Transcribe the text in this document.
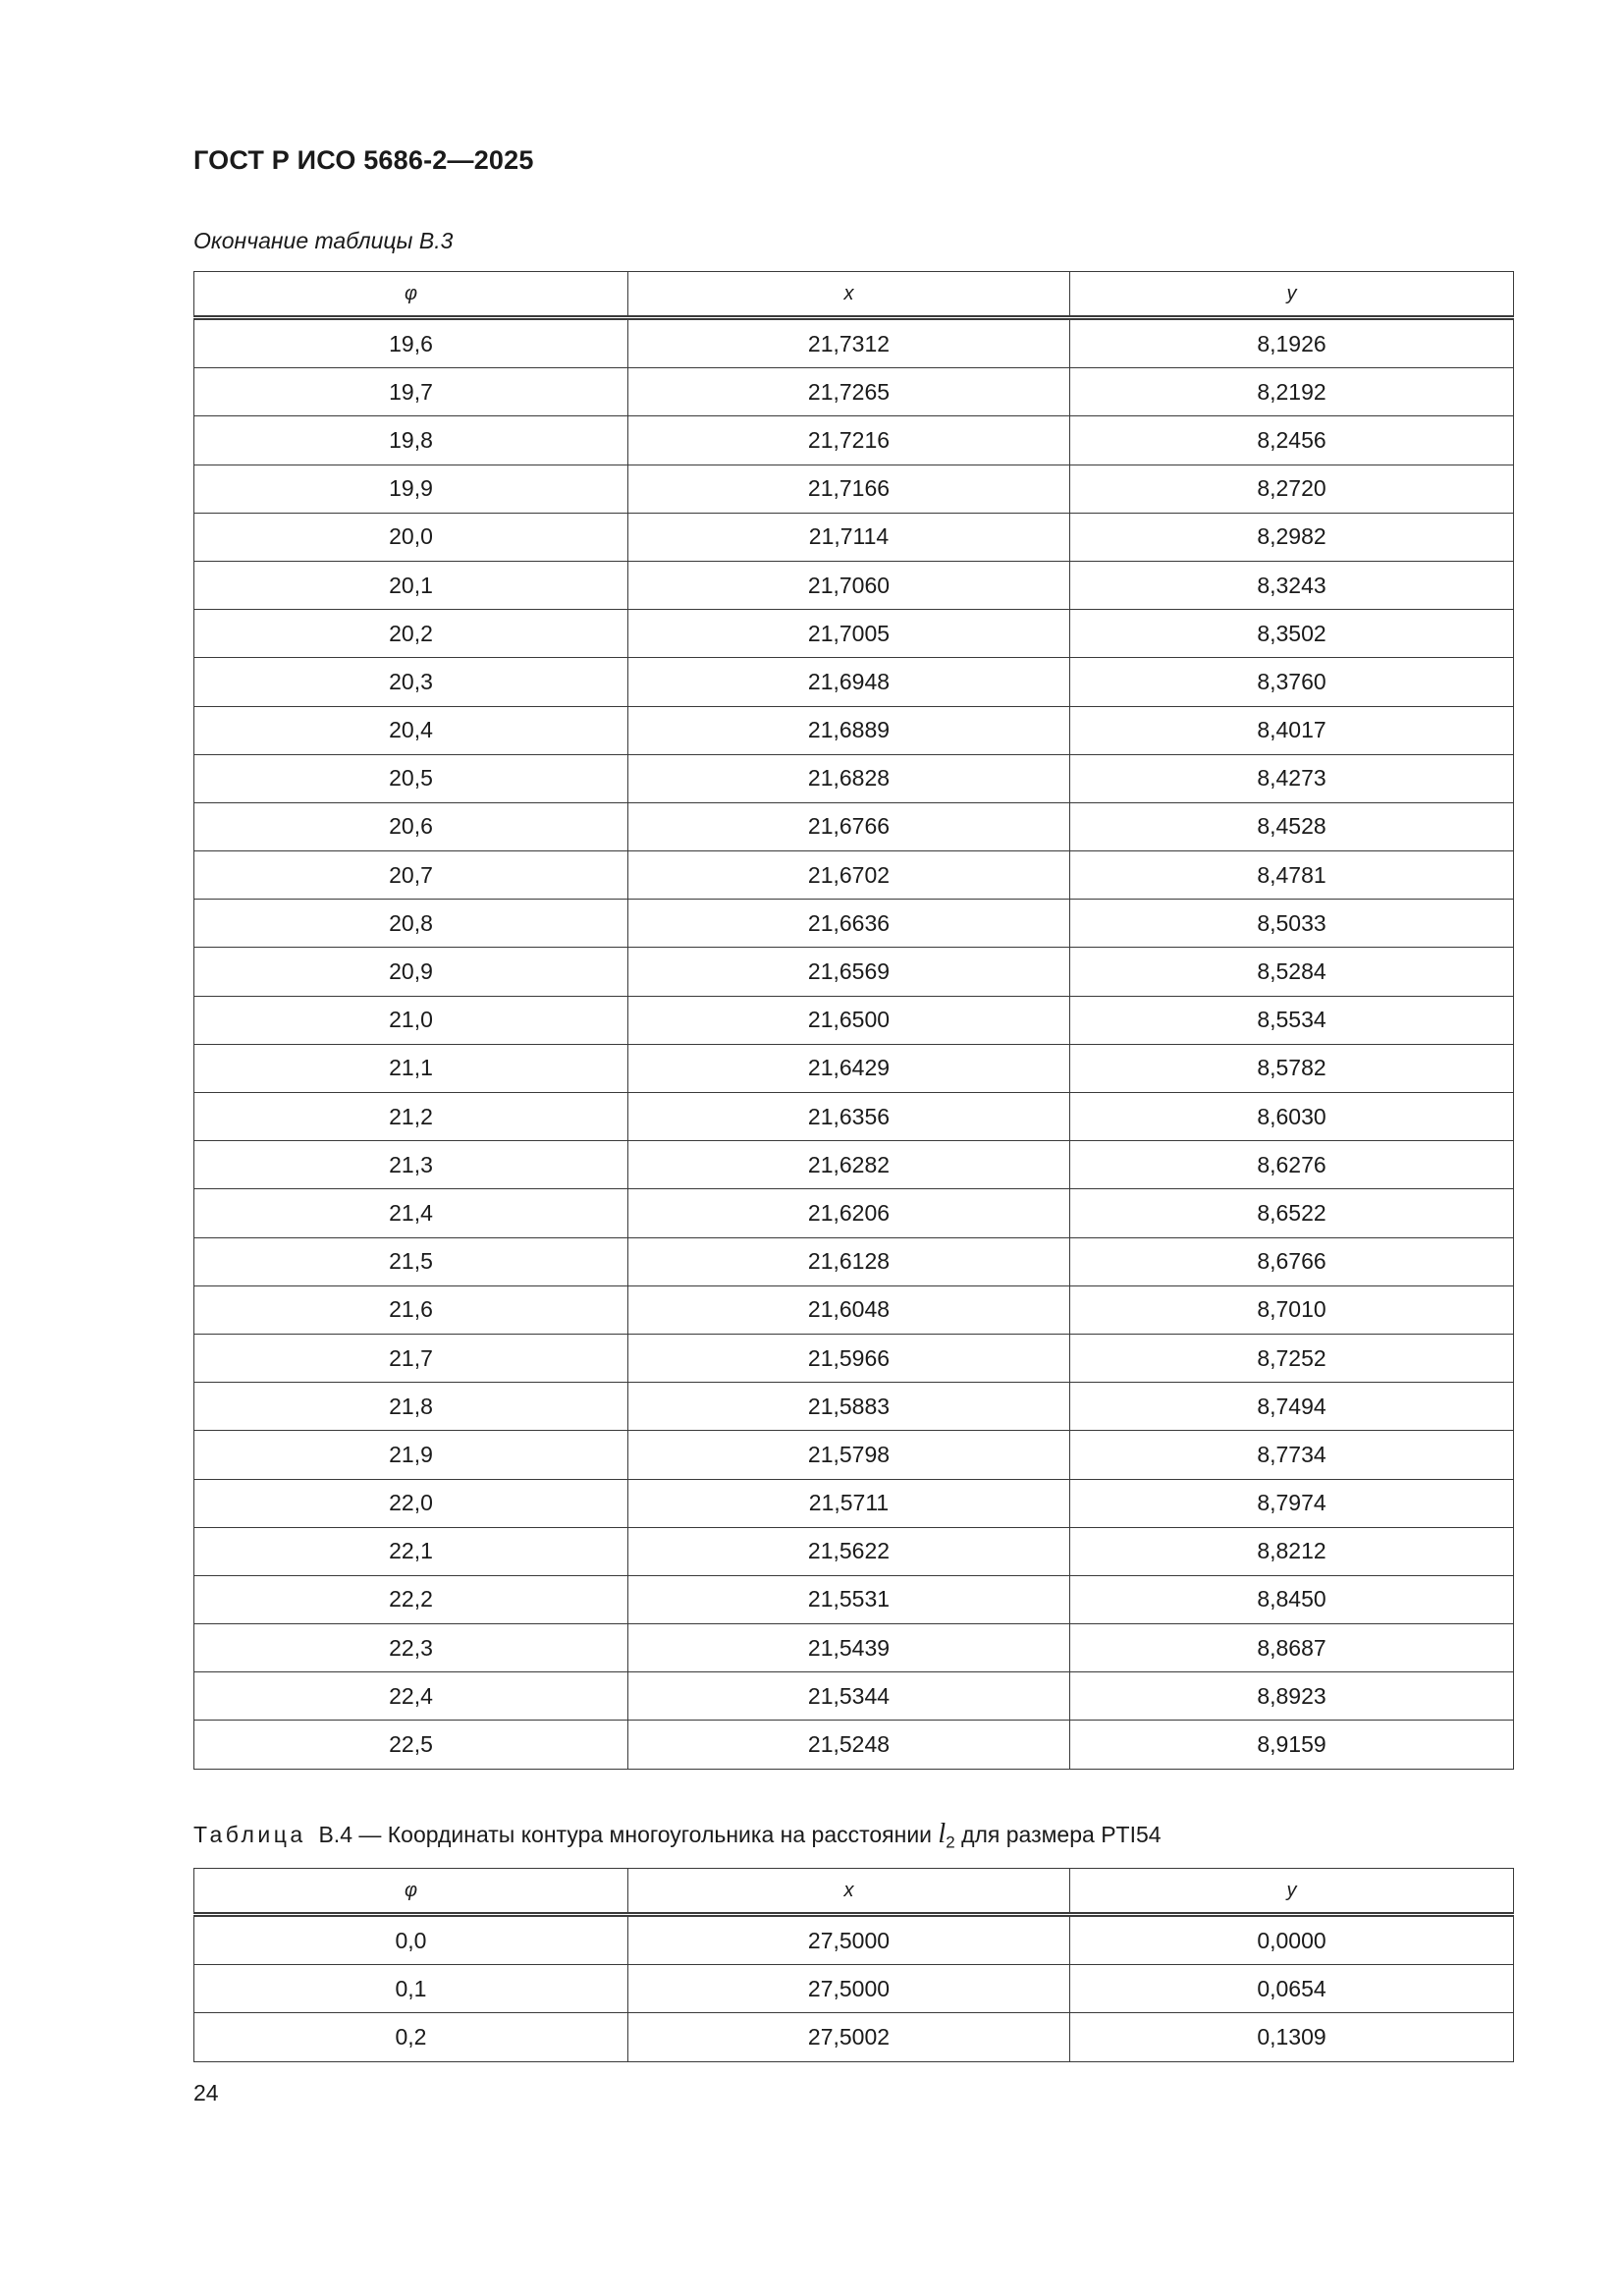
ГОСТ Р ИСО 5686-2—2025
Окончание таблицы В.3
φ	x	y
19,6	21,7312	8,1926
19,7	21,7265	8,2192
19,8	21,7216	8,2456
19,9	21,7166	8,2720
20,0	21,7114	8,2982
20,1	21,7060	8,3243
20,2	21,7005	8,3502
20,3	21,6948	8,3760
20,4	21,6889	8,4017
20,5	21,6828	8,4273
20,6	21,6766	8,4528
20,7	21,6702	8,4781
20,8	21,6636	8,5033
20,9	21,6569	8,5284
21,0	21,6500	8,5534
21,1	21,6429	8,5782
21,2	21,6356	8,6030
21,3	21,6282	8,6276
21,4	21,6206	8,6522
21,5	21,6128	8,6766
21,6	21,6048	8,7010
21,7	21,5966	8,7252
21,8	21,5883	8,7494
21,9	21,5798	8,7734
22,0	21,5711	8,7974
22,1	21,5622	8,8212
22,2	21,5531	8,8450
22,3	21,5439	8,8687
22,4	21,5344	8,8923
22,5	21,5248	8,9159
Таблица В.4 — Координаты контура многоугольника на расстоянии $l_2$ для размера PTI54
φ	x	y
0,0	27,5000	0,0000
0,1	27,5000	0,0654
0,2	27,5002	0,1309
24
